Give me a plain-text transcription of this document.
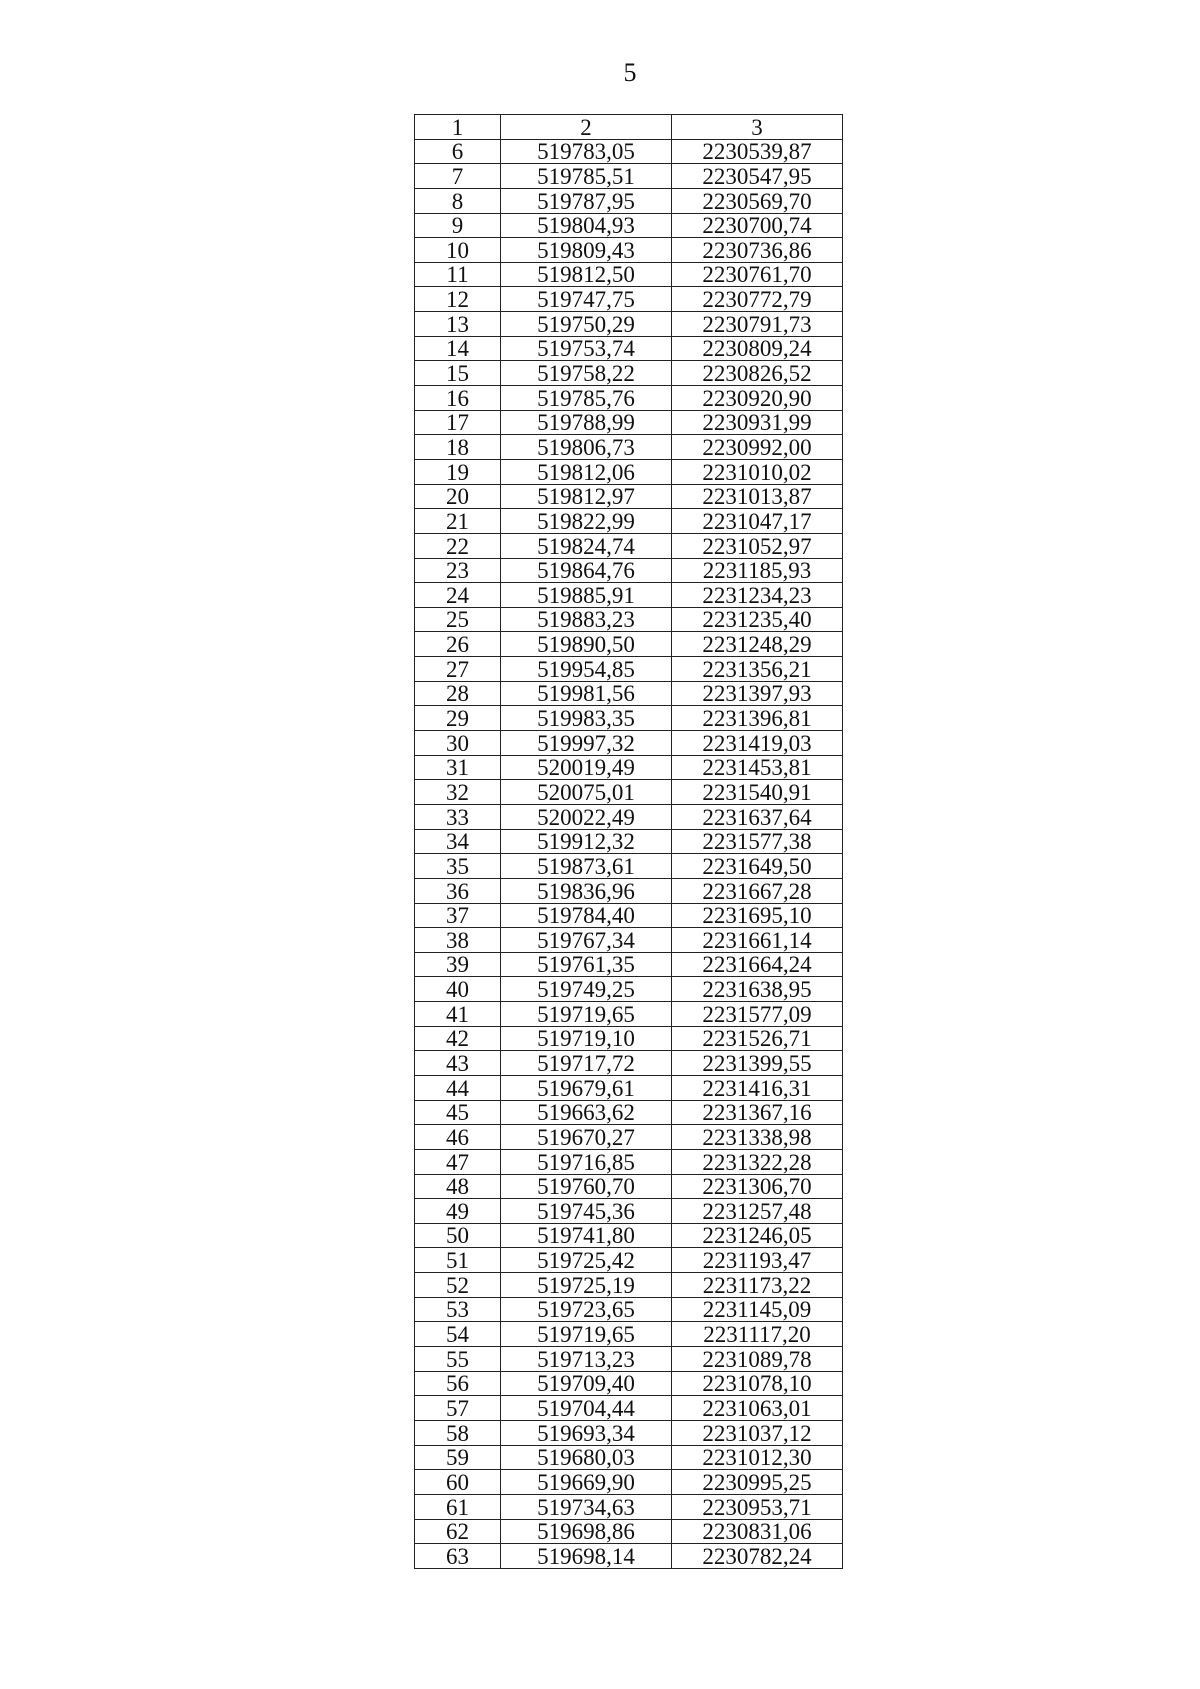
5
1	2	3
6	519783,05	2230539,87
7	519785,51	2230547,95
8	519787,95	2230569,70
9	519804,93	2230700,74
10	519809,43	2230736,86
11	519812,50	2230761,70
12	519747,75	2230772,79
13	519750,29	2230791,73
14	519753,74	2230809,24
15	519758,22	2230826,52
16	519785,76	2230920,90
17	519788,99	2230931,99
18	519806,73	2230992,00
19	519812,06	2231010,02
20	519812,97	2231013,87
21	519822,99	2231047,17
22	519824,74	2231052,97
23	519864,76	2231185,93
24	519885,91	2231234,23
25	519883,23	2231235,40
26	519890,50	2231248,29
27	519954,85	2231356,21
28	519981,56	2231397,93
29	519983,35	2231396,81
30	519997,32	2231419,03
31	520019,49	2231453,81
32	520075,01	2231540,91
33	520022,49	2231637,64
34	519912,32	2231577,38
35	519873,61	2231649,50
36	519836,96	2231667,28
37	519784,40	2231695,10
38	519767,34	2231661,14
39	519761,35	2231664,24
40	519749,25	2231638,95
41	519719,65	2231577,09
42	519719,10	2231526,71
43	519717,72	2231399,55
44	519679,61	2231416,31
45	519663,62	2231367,16
46	519670,27	2231338,98
47	519716,85	2231322,28
48	519760,70	2231306,70
49	519745,36	2231257,48
50	519741,80	2231246,05
51	519725,42	2231193,47
52	519725,19	2231173,22
53	519723,65	2231145,09
54	519719,65	2231117,20
55	519713,23	2231089,78
56	519709,40	2231078,10
57	519704,44	2231063,01
58	519693,34	2231037,12
59	519680,03	2231012,30
60	519669,90	2230995,25
61	519734,63	2230953,71
62	519698,86	2230831,06
63	519698,14	2230782,24
